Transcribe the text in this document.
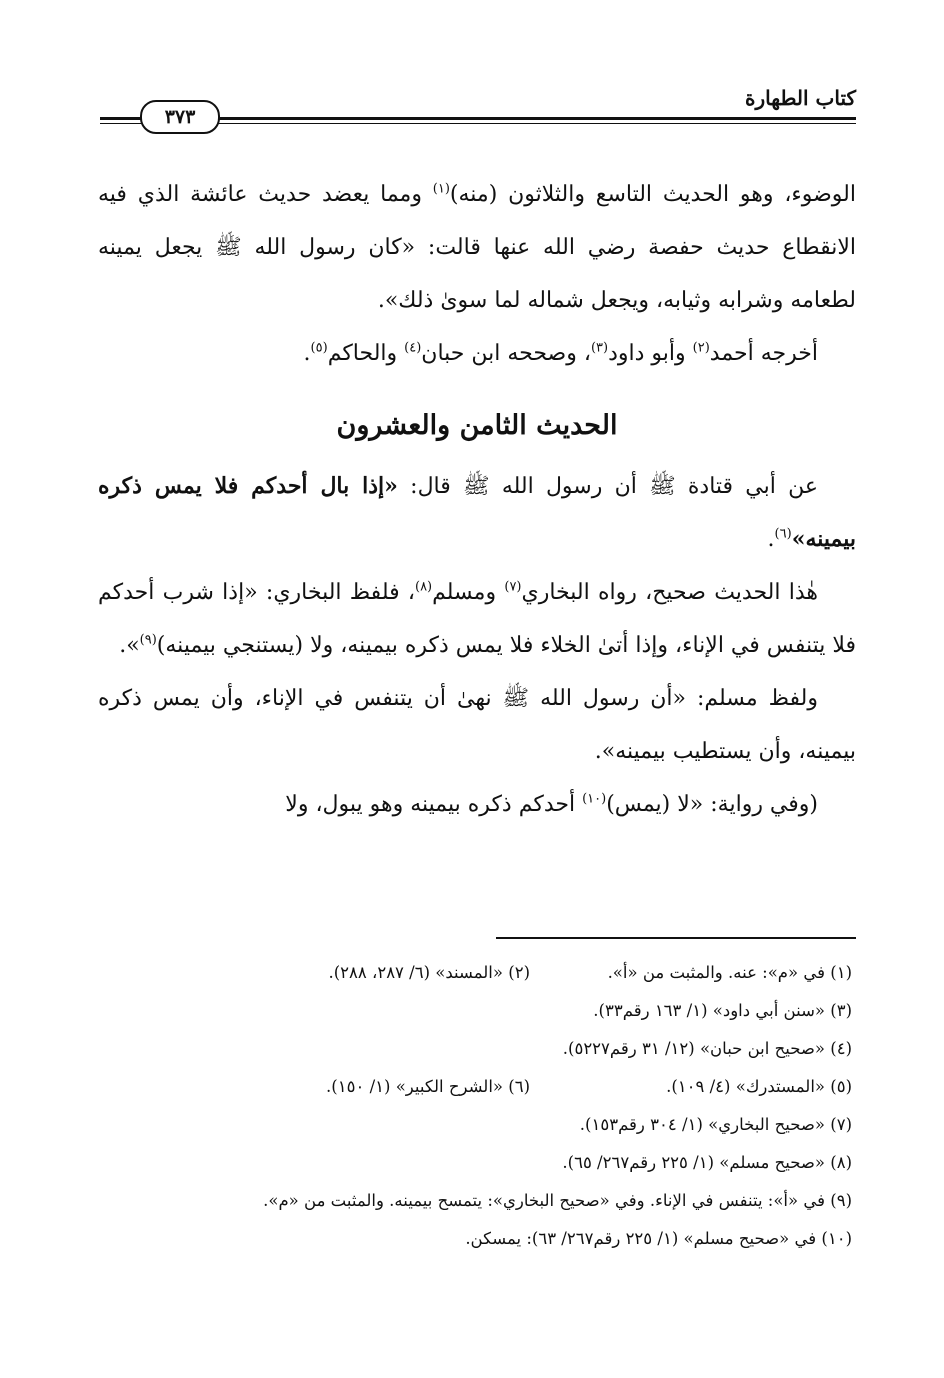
كتاب الطهارة
٣٧٣

الوضوء، وهو الحديث التاسع والثلاثون (منه)$^{(١)}$ ومما يعضد حديث عائشة الذي فيه الانقطاع حديث حفصة رضي الله عنها قالت: «كان رسول الله ﷺ يجعل يمينه لطعامه وشرابه وثيابه، ويجعل شماله لما سوىٰ ذلك».

أخرجه أحمد$^{(٢)}$ وأبو داود$^{(٣)}$، وصححه ابن حبان$^{(٤)}$ والحاكم$^{(٥)}$.

الحديث الثامن والعشرون

عن أبي قتادة ﷺ أن رسول الله ﷺ قال: «إذا بال أحدكم فلا يمس ذكره بيمينه»$^{(٦)}$.

هٰذا الحديث صحيح، رواه البخاري$^{(٧)}$ ومسلم$^{(٨)}$، فلفظ البخاري: «إذا شرب أحدكم فلا يتنفس في الإناء، وإذا أتىٰ الخلاء فلا يمس ذكره بيمينه، ولا (يستنجي بيمينه)$^{(٩)}$».

ولفظ مسلم: «أن رسول الله ﷺ نهىٰ أن يتنفس في الإناء، وأن يمس ذكره بيمينه، وأن يستطيب بيمينه».

(وفي رواية: «لا (يمس)$^{(١٠)}$ أحدكم ذكره بيمينه وهو يبول، ولا

(١) في «م»: عنه. والمثبت من «أ».
(٢) «المسند» (٦/ ٢٨٧، ٢٨٨).
(٣) «سنن أبي داود» (١/ ١٦٣ رقم٣٣).
(٤) «صحيح ابن حبان» (١٢/ ٣١ رقم٥٢٢٧).
(٥) «المستدرك» (٤/ ١٠٩).
(٦) «الشرح الكبير» (١/ ١٥٠).
(٧) «صحيح البخاري» (١/ ٣٠٤ رقم١٥٣).
(٨) «صحيح مسلم» (١/ ٢٢٥ رقم٢٦٧/ ٦٥).
(٩) في «أ»: يتنفس في الإناء. وفي «صحيح البخاري»: يتمسح بيمينه. والمثبت من «م».
(١٠) في «صحيح مسلم» (١/ ٢٢٥ رقم٢٦٧/ ٦٣): يمسكن.
